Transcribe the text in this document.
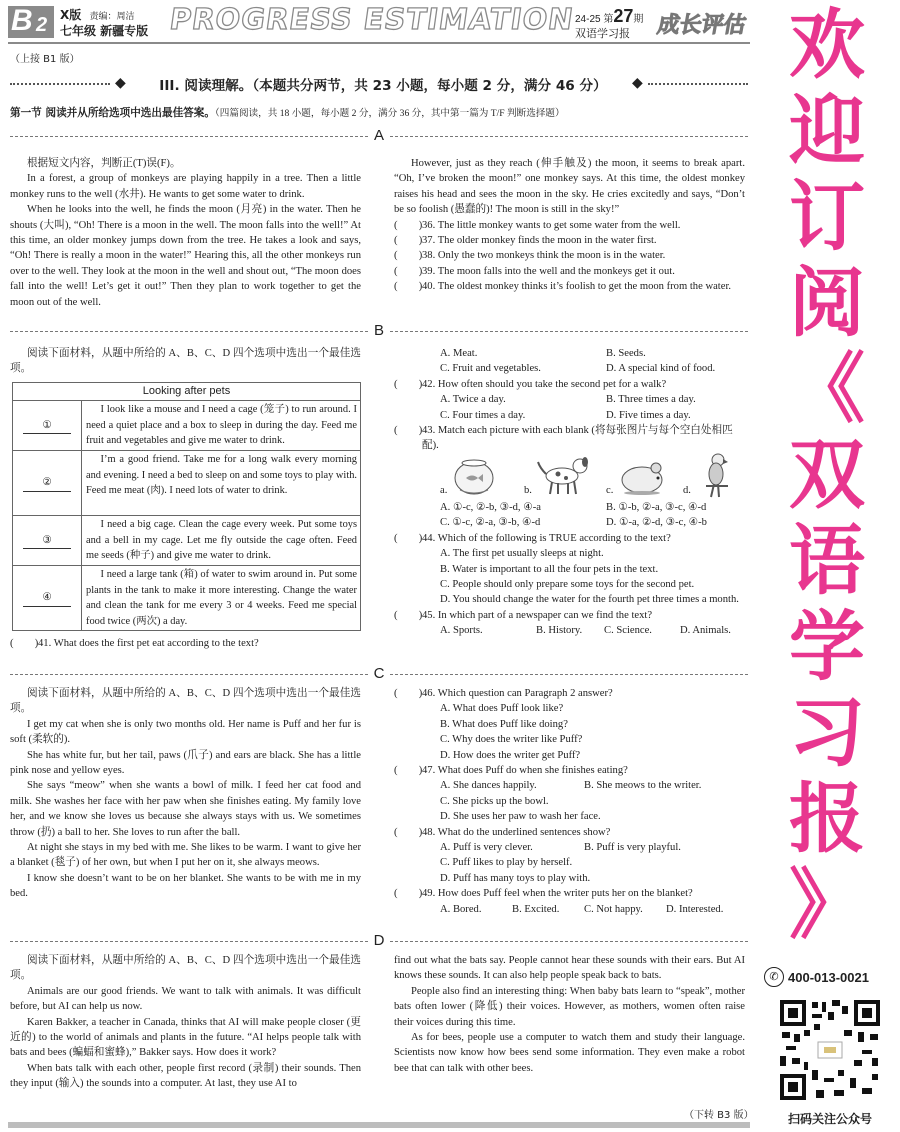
B 2 X版 责编：周洁
七年级 新疆专版 PROGRESS ESTIMATION 24-25 第27期
双语学习报 成长评估
（上接 B1 版）
◆	◆
III. 阅读理解。（本题共分两节，共 23 小题，每小题 2 分，满分 46 分）
第一节 阅读并从所给选项中选出最佳答案。（四篇阅读，共 18 小题，每小题 2 分，满分 36 分，其中第一篇为 T/F 判断选择题）
A

根据短文内容，判断正(T)误(F)。

In a forest, a group of monkeys are playing happily in a tree. Then a little monkey runs to the well (水井). He wants to get some water to drink.

When he looks into the well, he finds the moon (月亮) in the water. Then he shouts (大叫), “Oh! There is a moon in the well. The moon falls into the well!” At this time, an older monkey jumps down from the tree. He takes a look and says, “Oh! There is really a moon in the water!” Hearing this, all the other monkeys run over to the well. They look at the moon in the well and shout out, “The moon does fall into the well! Let’s get it out!” Then they plan to work together to get the moon out of the well.

However, just as they reach (伸手触及) the moon, it seems to break apart. “Oh, I’ve broken the moon!” one monkey says. At this time, the oldest monkey raises his head and sees the moon in the sky. He cries excitedly and says, “Don’t be so foolish (愚蠢的)! The moon is still in the sky!”

(　　) 36. The little monkey wants to get some water from the well.
(　　) 37. The older monkey finds the moon in the water first.
(　　) 38. Only the two monkeys think the moon is in the water.
(　　) 39. The moon falls into the well and the monkeys get it out.
(　　) 40. The oldest monkey thinks it’s foolish to get the moon from the water.
B

阅读下面材料，从题中所给的 A、B、C、D 四个选项中选出一个最佳选项。

Looking after pets	
①	I look like a mouse and I need a cage (笼子) to run around. I need a quiet place and a box to sleep in during the day. Feed me fruit and vegetables and give me water to drink.
②	I’m a good friend. Take me for a long walk every morning and evening. I need a bed to sleep on and some toys to play with. Feed me meat (肉). I need lots of water to drink.
③	I need a big cage. Clean the cage every week. Put some toys and a bell in my cage. Let me fly outside the cage often. Feed me seeds (种子) and give me water to drink.
④	I need a large tank (箱) of water to swim around in. Put some plants in the tank to make it more interesting. Change the water and clean the tank for me every 3 or 4 weeks. Feed me special food twice (两次) a day.
(　　) 41. What does the first pet eat according to the text?
A. Meat.	B. Seeds.
C. Fruit and vegetables.	D. A special kind of food.
(　　) 42. How often should you take the second pet for a walk?
A. Twice a day.	B. Three times a day.
C. Four times a day.	D. Five times a day.
(　　) 43. Match each picture with each blank (将每张图片与每个空白处相匹配).
a.	b.	c.	d.
A. ①-c, ②-b, ③-d, ④-a	B. ①-b, ②-a, ③-c, ④-d
C. ①-c, ②-a, ③-b, ④-d	D. ①-a, ②-d, ③-c, ④-b
(　　) 44. Which of the following is TRUE according to the text?
A. The first pet usually sleeps at night.
B. Water is important to all the four pets in the text.
C. People should only prepare some toys for the second pet.
D. You should change the water for the fourth pet three times a month.
(　　) 45. In which part of a newspaper can we find the text?
A. Sports.	B. History.	C. Science.	D. Animals.
C

阅读下面材料，从题中所给的 A、B、C、D 四个选项中选出一个最佳选项。

I get my cat when she is only two months old. Her name is Puff and her fur is soft (柔软的).

She has white fur, but her tail, paws (爪子) and ears are black. She has a little pink nose and yellow eyes.

She says “meow” when she wants a bowl of milk. I feed her cat food and milk. She washes her face with her paw when she finishes eating. My family love her, and we know she loves us because she always stays with us. We sometimes throw (扔) a ball to her. She loves to run after the ball.

At night she stays in my bed with me. She likes to be warm. I want to give her a blanket (毯子) of her own, but when I put her on it, she always meows.

I know she doesn’t want to be on her blanket. She wants to be with me in my bed.

(　　) 46. Which question can Paragraph 2 answer?
A. What does Puff look like?
B. What does Puff like doing?
C. Why does the writer like Puff?
D. How does the writer get Puff?
(　　) 47. What does Puff do when she finishes eating?
A. She dances happily.	B. She meows to the writer.
C. She picks up the bowl.
D. She uses her paw to wash her face.
(　　) 48. What do the underlined sentences show?
A. Puff is very clever.	B. Puff is very playful.
C. Puff likes to play by herself.
D. Puff has many toys to play with.
(　　) 49. How does Puff feel when the writer puts her on the blanket?
A. Bored.	B. Excited.	C. Not happy.	D. Interested.
D

阅读下面材料，从题中所给的 A、B、C、D 四个选项中选出一个最佳选项。

Animals are our good friends. We want to talk with animals. It was difficult before, but AI can help us now.

Karen Bakker, a teacher in Canada, thinks that AI will make people closer (更近的) to the world of animals and plants in the future. “AI helps people talk with bats and bees (蝙蝠和蜜蜂),” Bakker says. How does it work?

When bats talk with each other, people first record (录制) their sounds. Then they input (输入) the sounds into a computer. At last, they use AI to

find out what the bats say. People cannot hear these sounds with their ears. But AI knows these sounds. It can also help people speak back to bats.

People also find an interesting thing: When baby bats learn to “speak”, mother bats often lower (降低) their voices. However, as mothers, women often raise their voices during this time.

As for bees, people use a computer to watch them and study their language. Scientists now know how bees send some information. They even make a robot bee that can talk with other bees.

（下转 B3 版）
欢
迎
订
阅
《
双
语
学
习
报
》
✆ 400-013-0021
扫码关注公众号
